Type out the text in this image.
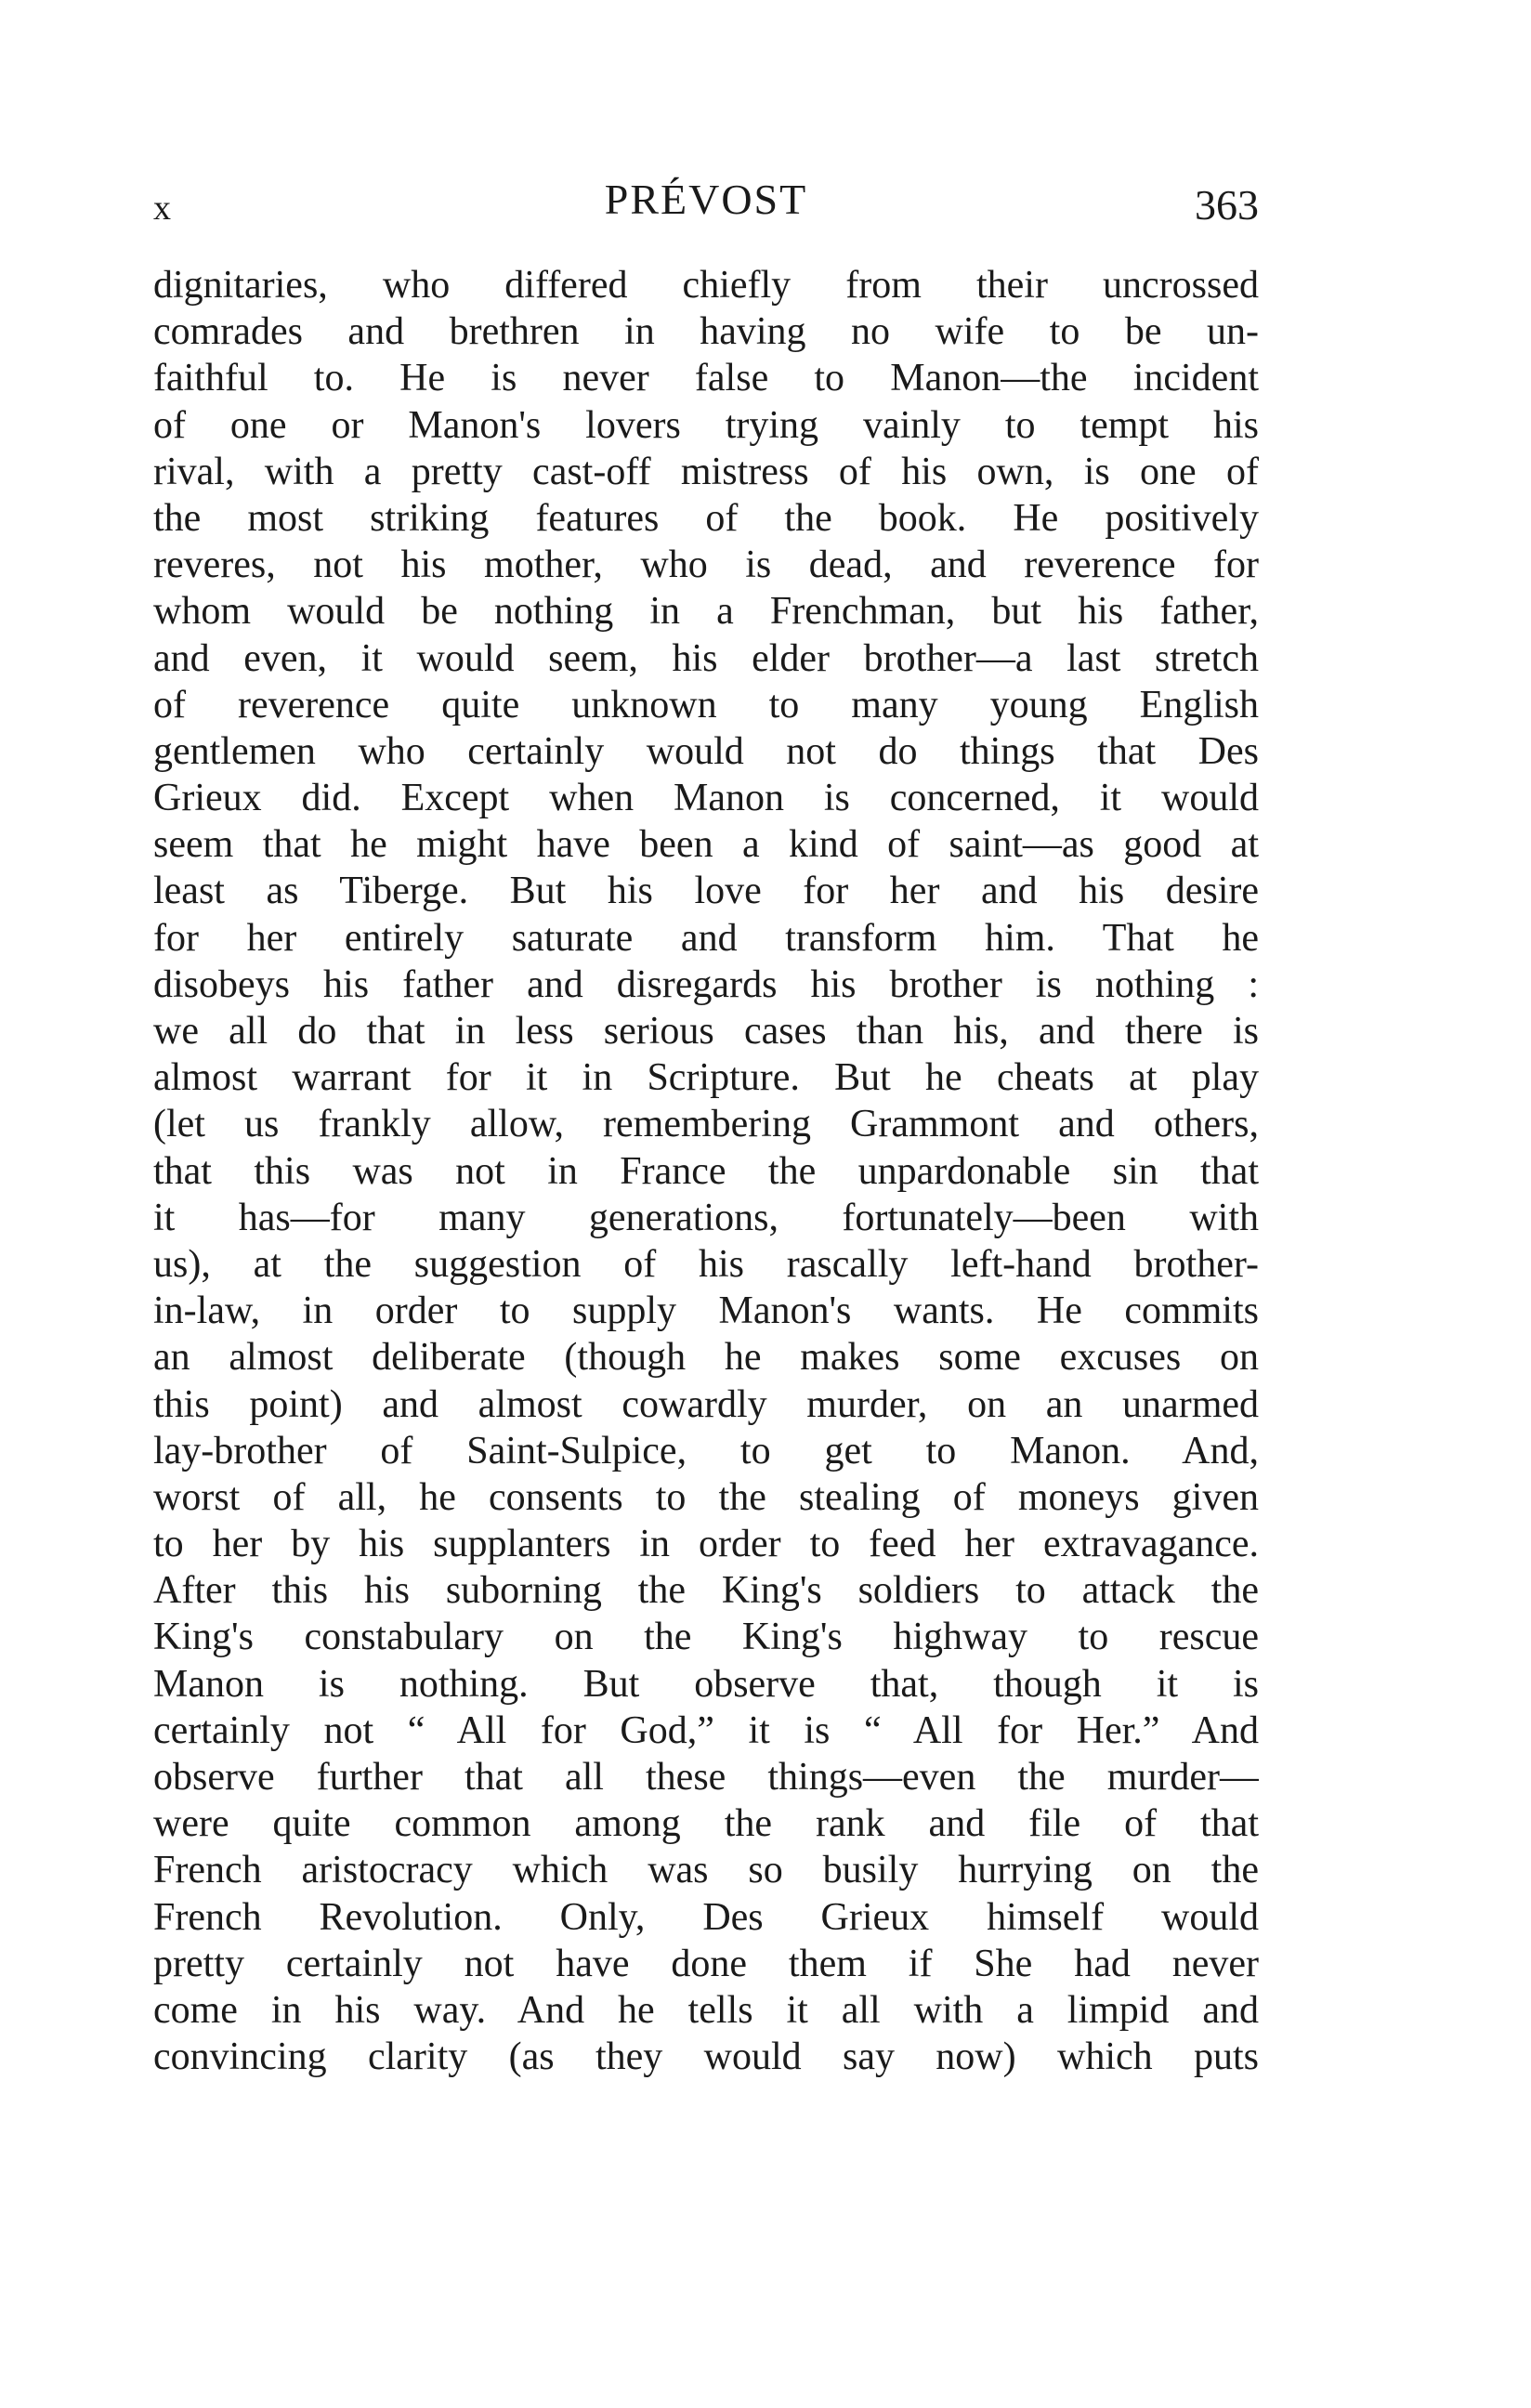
x	PRÉVOST	363
dignitaries, who differed chiefly from their uncrossed
comrades and brethren in having no wife to be un-
faithful to. He is never false to Manon—the incident
of one or Manon's lovers trying vainly to tempt his
rival, with a pretty cast-off mistress of his own, is one of
the most striking features of the book. He positively
reveres, not his mother, who is dead, and reverence for
whom would be nothing in a Frenchman, but his father,
and even, it would seem, his elder brother—a last stretch
of reverence quite unknown to many young English
gentlemen who certainly would not do things that Des
Grieux did. Except when Manon is concerned, it would
seem that he might have been a kind of saint—as good at
least as Tiberge. But his love for her and his desire
for her entirely saturate and transform him. That he
disobeys his father and disregards his brother is nothing :
we all do that in less serious cases than his, and there is
almost warrant for it in Scripture. But he cheats at play
(let us frankly allow, remembering Grammont and others,
that this was not in France the unpardonable sin that
it has—for many generations, fortunately—been with
us), at the suggestion of his rascally left-hand brother-
in-law, in order to supply Manon's wants. He commits
an almost deliberate (though he makes some excuses on
this point) and almost cowardly murder, on an unarmed
lay-brother of Saint-Sulpice, to get to Manon. And,
worst of all, he consents to the stealing of moneys given
to her by his supplanters in order to feed her extravagance.
After this his suborning the King's soldiers to attack the
King's constabulary on the King's highway to rescue
Manon is nothing. But observe that, though it is
certainly not “ All for God,” it is “ All for Her.” And
observe further that all these things—even the murder—
were quite common among the rank and file of that
French aristocracy which was so busily hurrying on the
French Revolution. Only, Des Grieux himself would
pretty certainly not have done them if She had never
come in his way. And he tells it all with a limpid and
convincing clarity (as they would say now) which puts
